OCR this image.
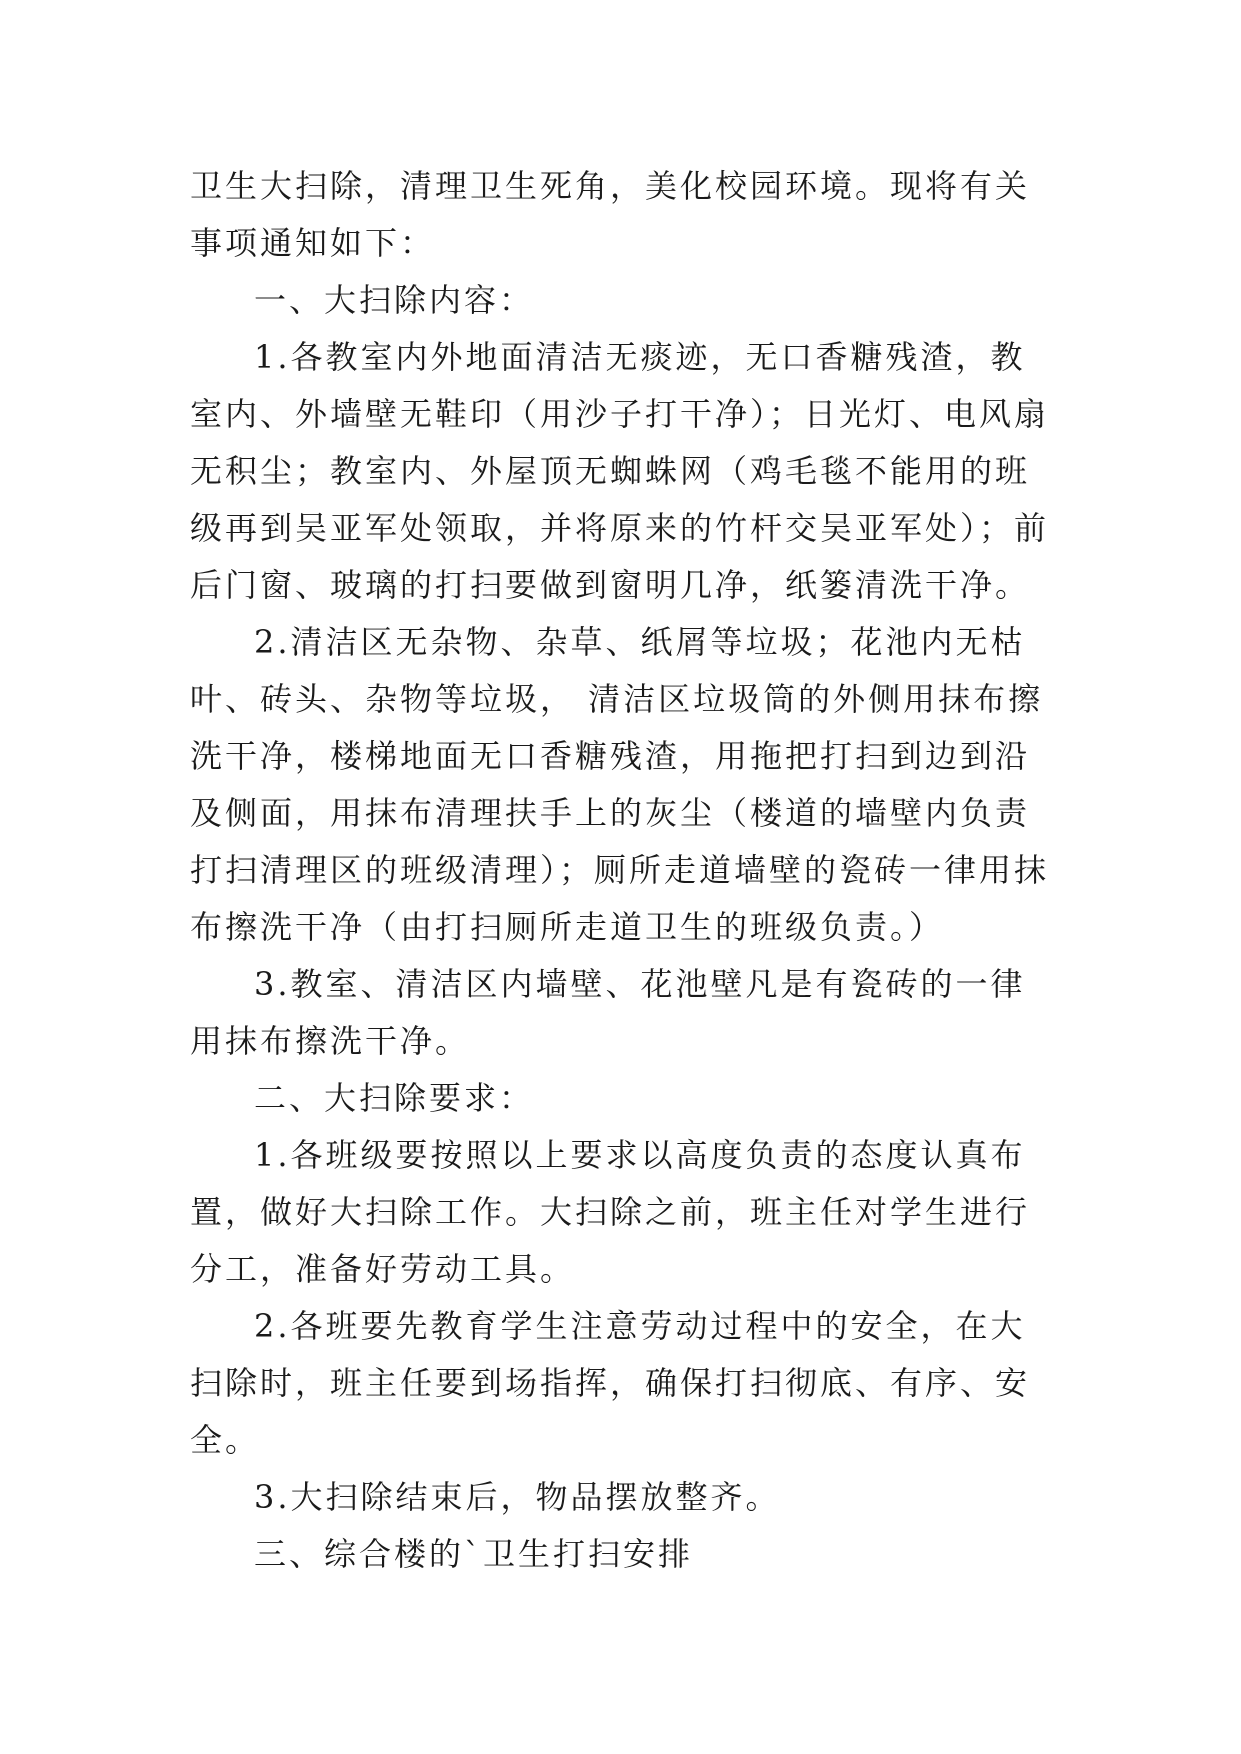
卫生大扫除，清理卫生死角，美化校园环境。现将有关事项通知如下：

一、大扫除内容：

1.各教室内外地面清洁无痰迹，无口香糖残渣，教室内、外墙壁无鞋印（用沙子打干净）；日光灯、电风扇无积尘；教室内、外屋顶无蜘蛛网（鸡毛毯不能用的班级再到吴亚军处领取，并将原来的竹杆交吴亚军处）；前后门窗、玻璃的打扫要做到窗明几净，纸篓清洗干净。

2.清洁区无杂物、杂草、纸屑等垃圾；花池内无枯叶、砖头、杂物等垃圾， 清洁区垃圾筒的外侧用抹布擦洗干净，楼梯地面无口香糖残渣，用拖把打扫到边到沿及侧面，用抹布清理扶手上的灰尘（楼道的墙壁内负责打扫清理区的班级清理）；厕所走道墙壁的瓷砖一律用抹布擦洗干净（由打扫厕所走道卫生的班级负责。）

3.教室、清洁区内墙壁、花池壁凡是有瓷砖的一律用抹布擦洗干净。

二、大扫除要求：

1.各班级要按照以上要求以高度负责的态度认真布置，做好大扫除工作。大扫除之前，班主任对学生进行分工，准备好劳动工具。

2.各班要先教育学生注意劳动过程中的安全，在大扫除时，班主任要到场指挥，确保打扫彻底、有序、安全。

3.大扫除结束后，物品摆放整齐。

三、综合楼的`卫生打扫安排
